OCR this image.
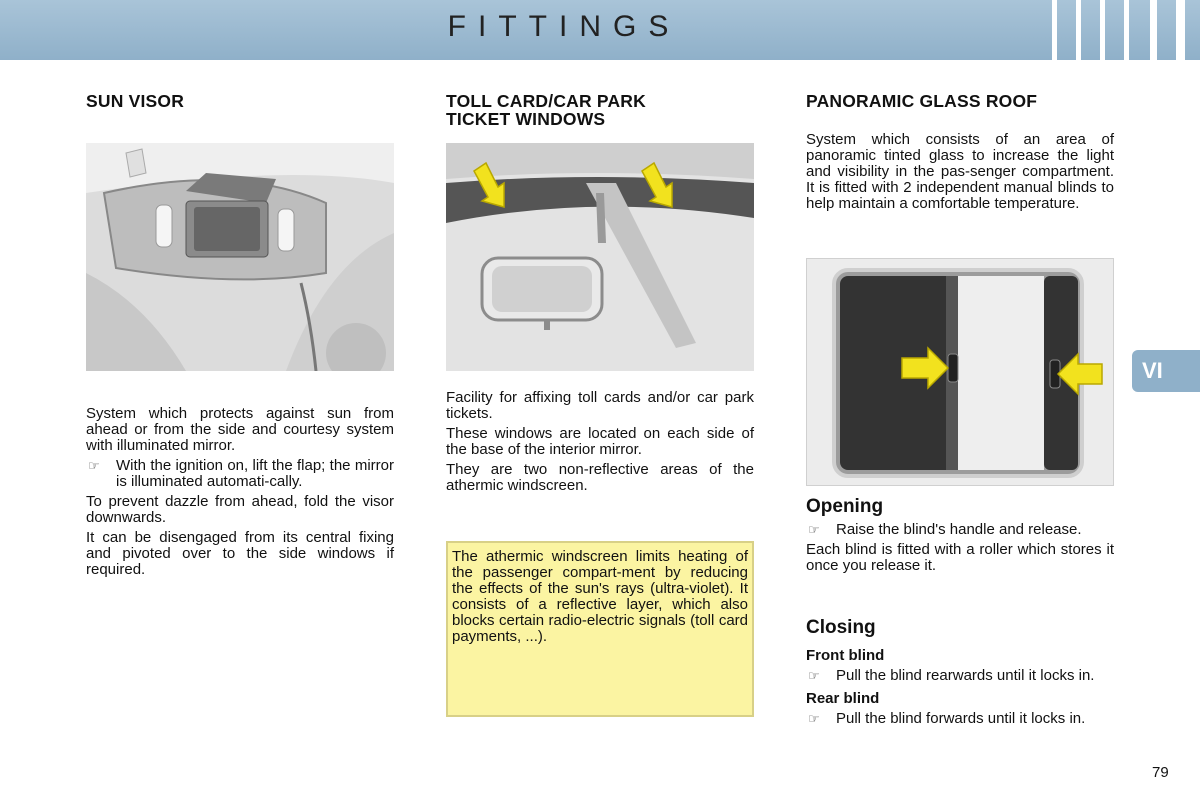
FITTINGS
SUN VISOR

System which protects against sun from ahead or from the side and courtesy system with illuminated mirror.

☞ With the ignition on, lift the flap; the mirror is illuminated automati-cally.

To prevent dazzle from ahead, fold the visor downwards.

It can be disengaged from its central fixing and pivoted over to the side windows if required.

TOLL CARD/CAR PARK
TICKET WINDOWS

Facility for affixing toll cards and/or car park tickets.

These windows are located on each side of the base of the interior mirror.

They are two non-reflective areas of the athermic windscreen.

The athermic windscreen limits heating of the passenger compart-ment by reducing the effects of the sun's rays (ultra-violet). It consists of a reflective layer, which also blocks certain radio-electric signals (toll card payments, ...).

PANORAMIC GLASS ROOF

System which consists of an area of panoramic tinted glass to increase the light and visibility in the pas-senger compartment. It is fitted with 2 independent manual blinds to help maintain a comfortable temperature.

Opening

☞ Raise the blind's handle and release.

Each blind is fitted with a roller which stores it once you release it.

Closing
Front blind

☞ Pull the blind rearwards until it locks in.

Rear blind

☞ Pull the blind forwards until it locks in.

VI
79
